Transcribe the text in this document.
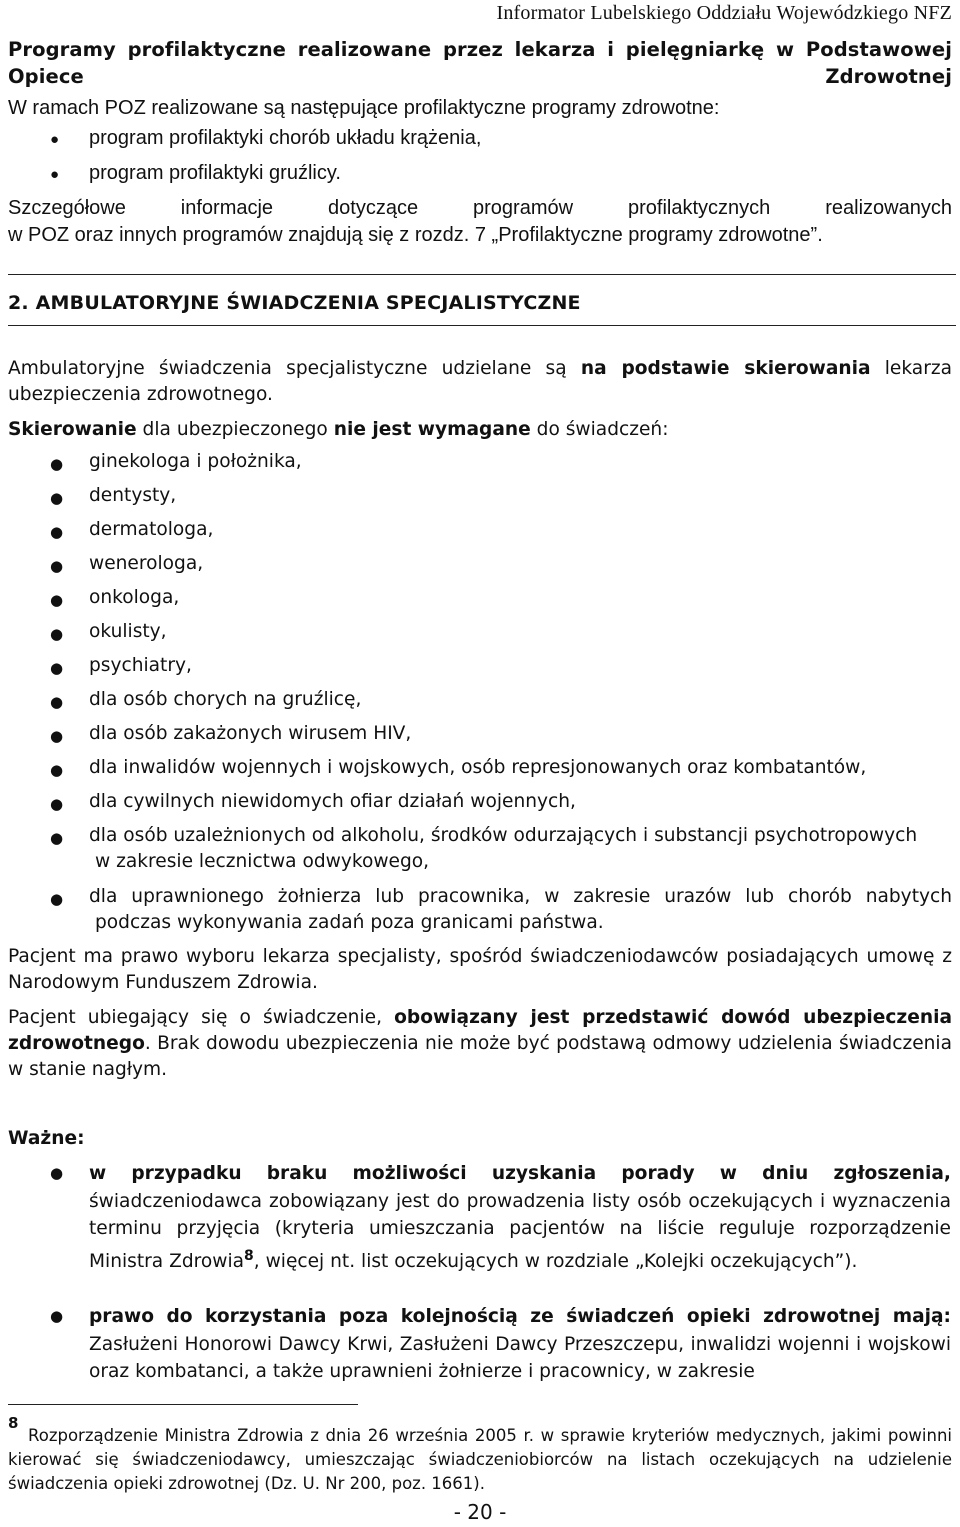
Informator Lubelskiego Oddziału Wojewódzkiego NFZ
Programy profilaktyczne realizowane przez lekarza i pielęgniarkę w Podstawowej Opiece Zdrowotnej
W ramach POZ realizowane są następujące profilaktyczne programy zdrowotne:
● program profilaktyki chorób układu krążenia,
● program profilaktyki gruźlicy.
Szczegółowe informacje dotyczące programów profilaktycznych realizowanych
w POZ oraz innych programów znajdują się z rozdz. 7 „Profilaktyczne programy zdrowotne”.
2. AMBULATORYJNE ŚWIADCZENIA SPECJALISTYCZNE
Ambulatoryjne świadczenia specjalistyczne udzielane są na podstawie skierowania lekarza ubezpieczenia zdrowotnego.
Skierowanie dla ubezpieczonego nie jest wymagane do świadczeń:
● ginekologa i położnika,
● dentysty,
● dermatologa,
● wenerologa,
● onkologa,
● okulisty,
● psychiatry,
● dla osób chorych na gruźlicę,
● dla osób zakażonych wirusem HIV,
● dla inwalidów wojennych i wojskowych, osób represjonowanych oraz kombatantów,
● dla cywilnych niewidomych ofiar działań wojennych,
● dla osób uzależnionych od alkoholu, środków odurzających i substancji psychotropowych
w zakresie lecznictwa odwykowego,
● dla uprawnionego żołnierza lub pracownika, w zakresie urazów lub chorób nabytych
podczas wykonywania zadań poza granicami państwa.
Pacjent ma prawo wyboru lekarza specjalisty, spośród świadczeniodawców posiadających umowę z Narodowym Funduszem Zdrowia.
Pacjent ubiegający się o świadczenie, obowiązany jest przedstawić dowód ubezpieczenia zdrowotnego. Brak dowodu ubezpieczenia nie może być podstawą odmowy udzielenia świadczenia w stanie nagłym.
Ważne:
● w przypadku braku możliwości uzyskania porady w dniu zgłoszenia, świadczeniodawca zobowiązany jest do prowadzenia listy osób oczekujących i wyznaczenia terminu przyjęcia (kryteria umieszczania pacjentów na liście reguluje rozporządzenie Ministra Zdrowia$^8$, więcej nt. list oczekujących w rozdziale „Kolejki oczekujących”).
● prawo do korzystania poza kolejnością ze świadczeń opieki zdrowotnej mają: Zasłużeni Honorowi Dawcy Krwi, Zasłużeni Dawcy Przeszczepu, inwalidzi wojenni i wojskowi oraz kombatanci, a także uprawnieni żołnierze i pracownicy, w zakresie
8
Rozporządzenie Ministra Zdrowia z dnia 26 września 2005 r. w sprawie kryteriów medycznych, jakimi powinni kierować się świadczeniodawcy, umieszczając świadczeniobiorców na listach oczekujących na udzielenie świadczenia opieki zdrowotnej (Dz. U. Nr 200, poz. 1661).
- 20 -
